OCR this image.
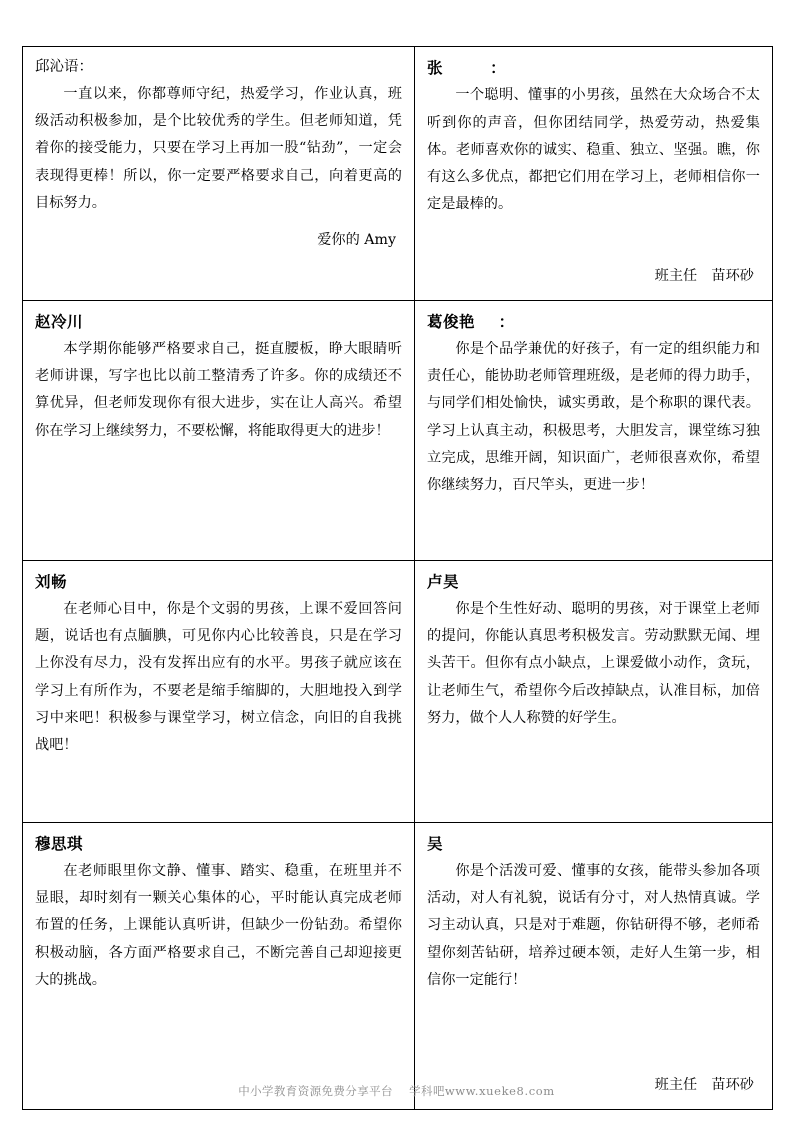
邱沁语：

一直以来，你都尊师守纪，热爱学习，作业认真，班级活动积极参加，是个比较优秀的学生。但老师知道，凭着你的接受能力，只要在学习上再加一股“钻劲”，一定会表现得更棒！所以，你一定要严格要求自己，向着更高的目标努力。

爱你的 Amy

张        ：

一个聪明、懂事的小男孩，虽然在大众场合不太听到你的声音，但你团结同学，热爱劳动，热爱集体。老师喜欢你的诚实、稳重、独立、坚强。瞧，你有这么多优点，都把它们用在学习上，老师相信你一定是最棒的。

班主任　苗环砂

赵冷川

本学期你能够严格要求自己，挺直腰板，睁大眼睛听老师讲课，写字也比以前工整清秀了许多。你的成绩还不算优异，但老师发现你有很大进步，实在让人高兴。希望你在学习上继续努力，不要松懈，将能取得更大的进步！

葛俊艳    ：

你是个品学兼优的好孩子，有一定的组织能力和责任心，能协助老师管理班级，是老师的得力助手，与同学们相处愉快，诚实勇敢，是个称职的课代表。学习上认真主动，积极思考，大胆发言，课堂练习独立完成，思维开阔，知识面广，老师很喜欢你，希望你继续努力，百尺竿头，更进一步！

刘畅

在老师心目中，你是个文弱的男孩，上课不爱回答问题，说话也有点腼腆，可见你内心比较善良，只是在学习上你没有尽力，没有发挥出应有的水平。男孩子就应该在学习上有所作为，不要老是缩手缩脚的，大胆地投入到学习中来吧！积极参与课堂学习，树立信念，向旧的自我挑战吧！

卢昊

你是个生性好动、聪明的男孩，对于课堂上老师的提问，你能认真思考积极发言。劳动默默无闻、埋头苦干。但你有点小缺点，上课爱做小动作，贪玩，让老师生气，希望你今后改掉缺点，认准目标，加倍努力，做个人人称赞的好学生。

穆思琪

在老师眼里你文静、懂事、踏实、稳重，在班里并不显眼，却时刻有一颗关心集体的心，平时能认真完成老师布置的任务，上课能认真听讲，但缺少一份钻劲。希望你积极动脑，各方面严格要求自己，不断完善自己却迎接更大的挑战。

吴

你是个活泼可爱、懂事的女孩，能带头参加各项活动，对人有礼貌，说话有分寸，对人热情真诚。学习主动认真，只是对于难题，你钻研得不够，老师希望你刻苦钻研，培养过硬本领，走好人生第一步，相信你一定能行！

班主任　苗环砂

中小学教育资源免费分享平台 学科吧www.xueke8.com
